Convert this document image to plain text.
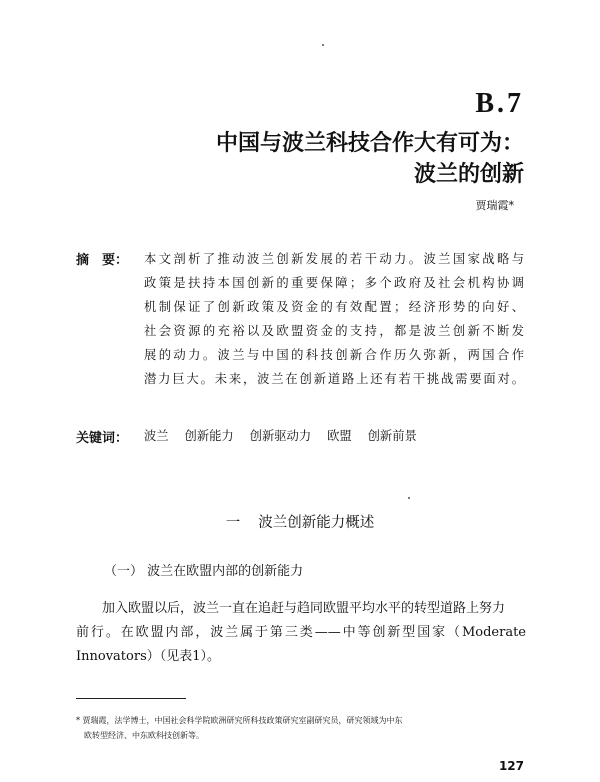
B.7
中国与波兰科技合作大有可为：
波兰的创新
贾瑞霞*
摘　要： 本文剖析了推动波兰创新发展的若干动力。波兰国家战略与
政策是扶持本国创新的重要保障；多个政府及社会机构协调
机制保证了创新政策及资金的有效配置；经济形势的向好、
社会资源的充裕以及欧盟资金的支持，都是波兰创新不断发
展的动力。波兰与中国的科技创新合作历久弥新，两国合作
潜力巨大。未来，波兰在创新道路上还有若干挑战需要面对。

关键词： 波兰 创新能力 创新驱动力 欧盟 创新前景
一 波兰创新能力概述
（一） 波兰在欧盟内部的创新能力

加入欧盟以后，波兰一直在追赶与趋同欧盟平均水平的转型道路上努力
前行。在欧盟内部，波兰属于第三类——中等创新型国家（Moderate
Innovators）（见表1）。

* 贾瑞霞，法学博士，中国社会科学院欧洲研究所科技政策研究室副研究员，研究领域为中东
欧转型经济、中东欧科技创新等。
127
